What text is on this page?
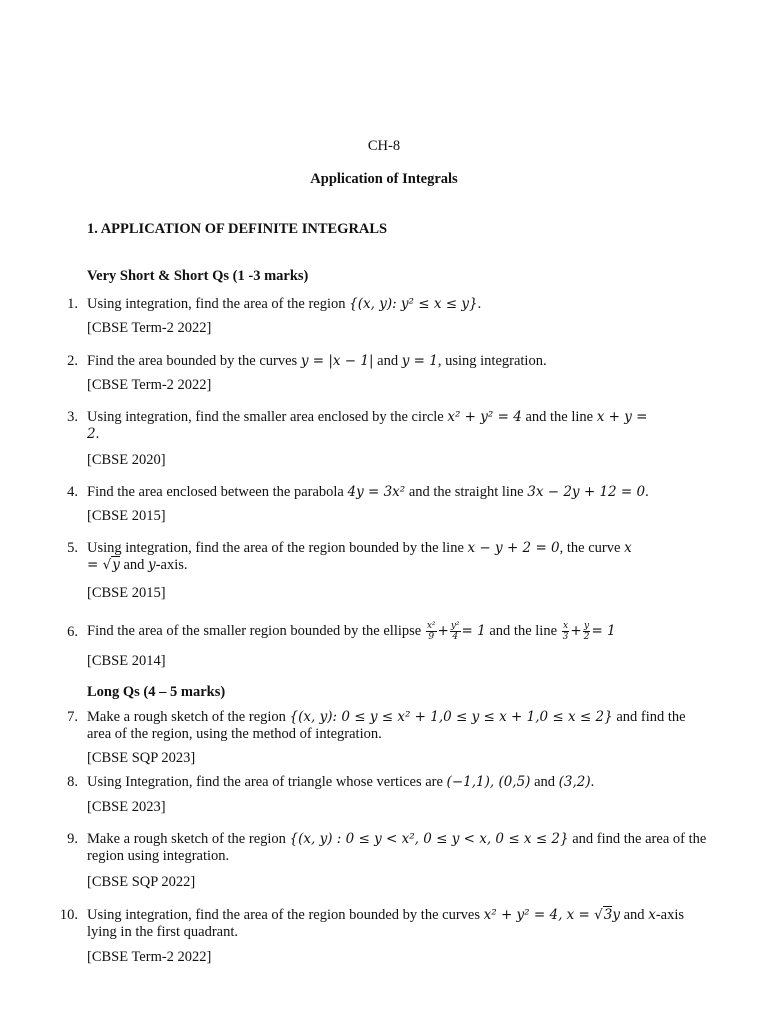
CH-8
Application of Integrals
1. APPLICATION OF DEFINITE INTEGRALS
Very Short & Short Qs (1 -3 marks)
1. Using integration, find the area of the region {(x, y): y² ≤ x ≤ y}.
[CBSE Term-2 2022]
2. Find the area bounded by the curves y = |x − 1| and y = 1, using integration.
[CBSE Term-2 2022]
3. Using integration, find the smaller area enclosed by the circle x² + y² = 4 and the line x + y =
2.
[CBSE 2020]
4. Find the area enclosed between the parabola 4y = 3x² and the straight line 3x − 2y + 12 = 0.
[CBSE 2015]
5. Using integration, find the area of the region bounded by the line x − y + 2 = 0, the curve x
= √y and y-axis.
[CBSE 2015]
6. Find the area of the smaller region bounded by the ellipse $\frac{\text{x²}}{9} + \frac{\text{y²}}{4} = 1$ and the line $\frac{x}{3} + \frac{y}{2} = 1$
[CBSE 2014]
Long Qs (4 – 5 marks)
7. Make a rough sketch of the region {(x, y): 0 ≤ y ≤ x² + 1,0 ≤ y ≤ x + 1,0 ≤ x ≤ 2} and find the area of the region, using the method of integration.
[CBSE SQP 2023]
8. Using Integration, find the area of triangle whose vertices are (−1,1), (0,5) and (3,2).
[CBSE 2023]
9. Make a rough sketch of the region {(x, y) : 0 ≤ y < x², 0 ≤ y < x, 0 ≤ x ≤ 2} and find the area of the region using integration.
[CBSE SQP 2022]
10. Using integration, find the area of the region bounded by the curves x² + y² = 4, x = √3y and x-axis lying in the first quadrant.
[CBSE Term-2 2022]
